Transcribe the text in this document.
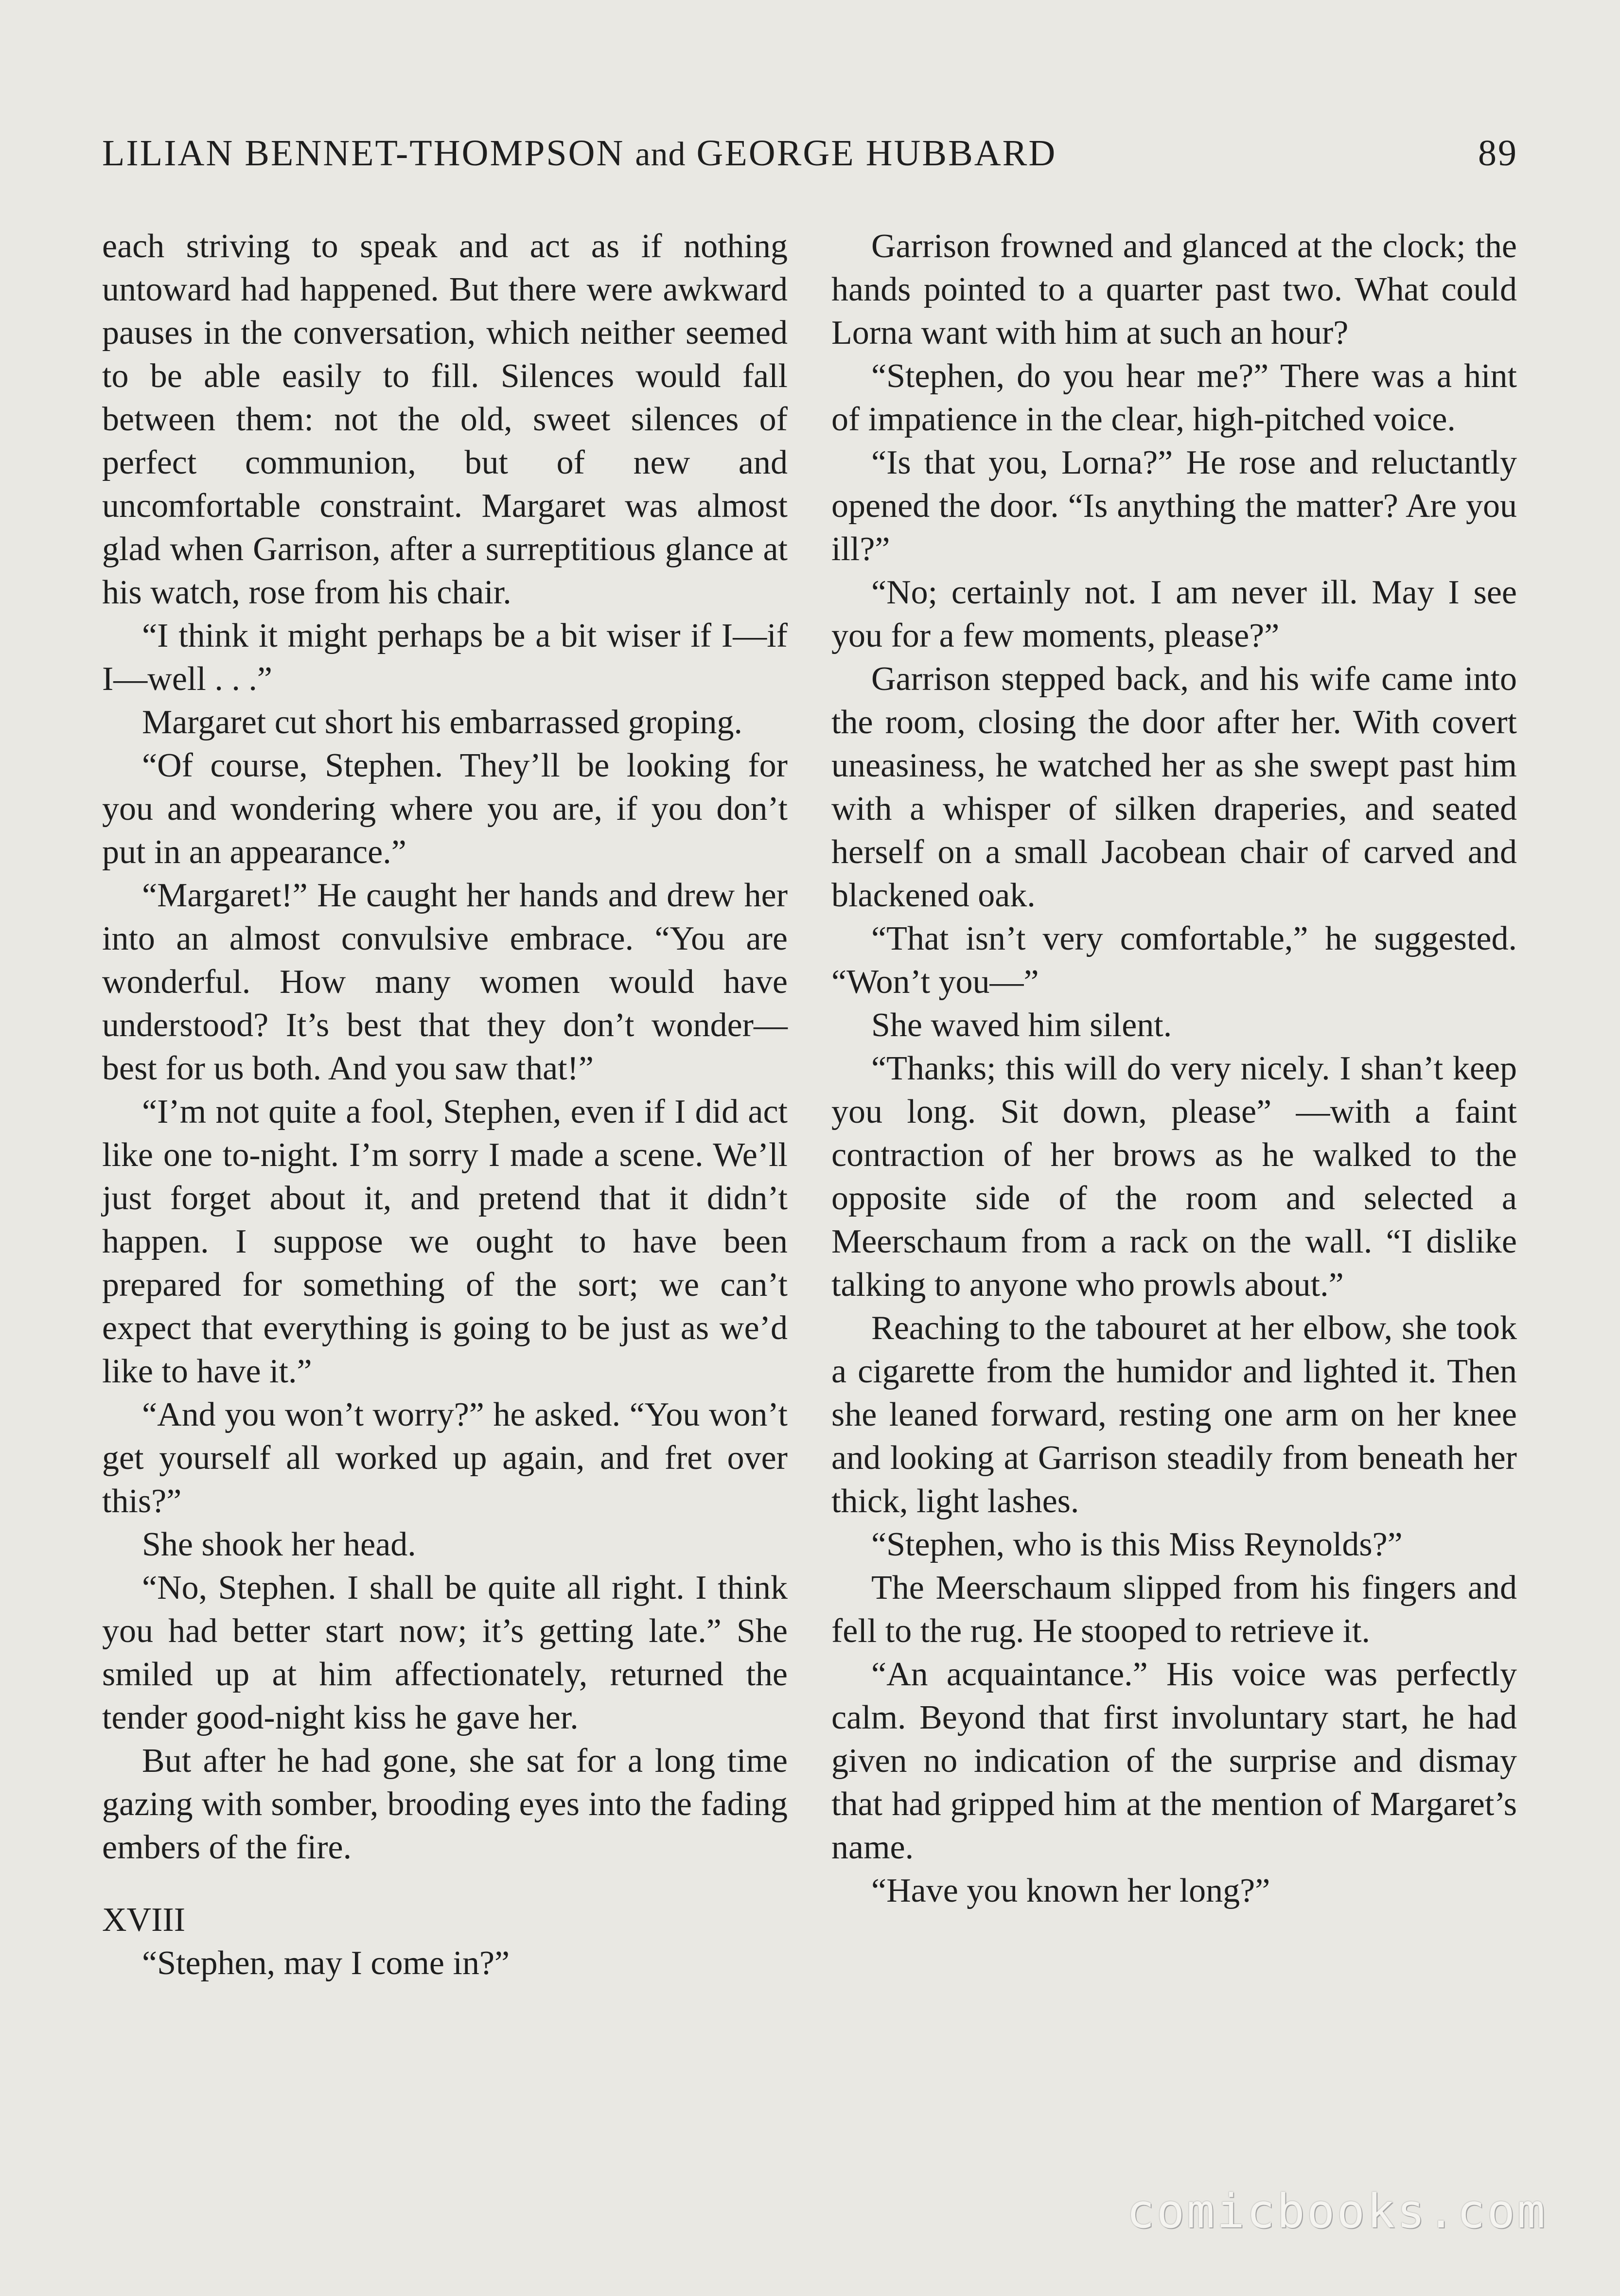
LILIAN BENNET-THOMPSON and GEORGE HUBBARD	89

each striving to speak and act as if nothing untoward had happened. But there were awkward pauses in the conversation, which neither seemed to be able easily to fill. Silences would fall between them: not the old, sweet silences of perfect communion, but of new and uncomfortable constraint. Margaret was almost glad when Garrison, after a surreptitious glance at his watch, rose from his chair.

“I think it might perhaps be a bit wiser if I—if I—well . . .”

Margaret cut short his embarrassed groping.

“Of course, Stephen. They’ll be looking for you and wondering where you are, if you don’t put in an appearance.”

“Margaret!” He caught her hands and drew her into an almost convulsive embrace. “You are wonderful. How many women would have understood? It’s best that they don’t wonder—best for us both. And you saw that!”

“I’m not quite a fool, Stephen, even if I did act like one to-night. I’m sorry I made a scene. We’ll just forget about it, and pretend that it didn’t happen. I suppose we ought to have been prepared for something of the sort; we can’t expect that everything is going to be just as we’d like to have it.”

“And you won’t worry?” he asked. “You won’t get yourself all worked up again, and fret over this?”

She shook her head.

“No, Stephen. I shall be quite all right. I think you had better start now; it’s getting late.” She smiled up at him affectionately, returned the tender good-night kiss he gave her.

But after he had gone, she sat for a long time gazing with somber, brooding eyes into the fading embers of the fire.

XVIII

“Stephen, may I come in?”

Garrison frowned and glanced at the clock; the hands pointed to a quarter past two. What could Lorna want with him at such an hour?

“Stephen, do you hear me?” There was a hint of impatience in the clear, high-pitched voice.

“Is that you, Lorna?” He rose and reluctantly opened the door. “Is anything the matter? Are you ill?”

“No; certainly not. I am never ill. May I see you for a few moments, please?”

Garrison stepped back, and his wife came into the room, closing the door after her. With covert uneasiness, he watched her as she swept past him with a whisper of silken draperies, and seated herself on a small Jacobean chair of carved and blackened oak.

“That isn’t very comfortable,” he suggested. “Won’t you—”

She waved him silent.

“Thanks; this will do very nicely. I shan’t keep you long. Sit down, please” —with a faint contraction of her brows as he walked to the opposite side of the room and selected a Meerschaum from a rack on the wall. “I dislike talking to anyone who prowls about.”

Reaching to the tabouret at her elbow, she took a cigarette from the humidor and lighted it. Then she leaned forward, resting one arm on her knee and looking at Garrison steadily from beneath her thick, light lashes.

“Stephen, who is this Miss Reynolds?”

The Meerschaum slipped from his fingers and fell to the rug. He stooped to retrieve it.

“An acquaintance.” His voice was perfectly calm. Beyond that first involuntary start, he had given no indication of the surprise and dismay that had gripped him at the mention of Margaret’s name.

“Have you known her long?”

comicbooks.com
